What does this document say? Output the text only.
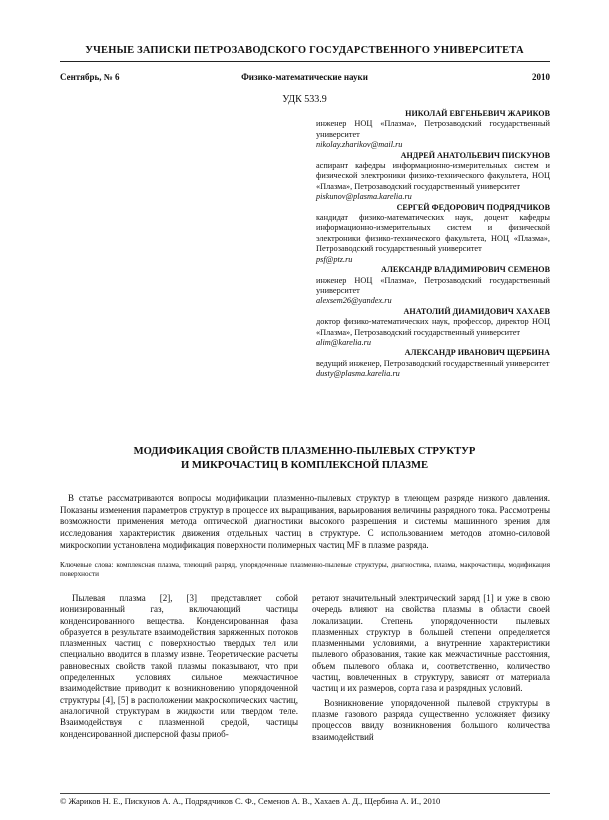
УЧЕНЫЕ ЗАПИСКИ ПЕТРОЗАВОДСКОГО ГОСУДАРСТВЕННОГО УНИВЕРСИТЕТА
Сентябрь, № 6	Физико-математические науки	2010
УДК 533.9
НИКОЛАЙ ЕВГЕНЬЕВИЧ ЖАРИКОВ
инженер НОЦ «Плазма», Петрозаводский государственный университет
nikolay.zharikov@mail.ru
АНДРЕЙ АНАТОЛЬЕВИЧ ПИСКУНОВ
аспирант кафедры информационно-измерительных систем и физической электроники физико-технического факультета, НОЦ «Плазма», Петрозаводский государственный университет
piskunov@plasma.karelia.ru
СЕРГЕЙ ФЕДОРОВИЧ ПОДРЯДЧИКОВ
кандидат физико-математических наук, доцент кафедры информационно-измерительных систем и физической электроники физико-технического факультета, НОЦ «Плазма», Петрозаводский государственный университет
psf@ptz.ru
АЛЕКСАНДР ВЛАДИМИРОВИЧ СЕМЕНОВ
инженер НОЦ «Плазма», Петрозаводский государственный университет
alexsem26@yandex.ru
АНАТОЛИЙ ДИАМИДОВИЧ ХАХАЕВ
доктор физико-математических наук, профессор, директор НОЦ «Плазма», Петрозаводский государственный университет
alim@karelia.ru
АЛЕКСАНДР ИВАНОВИЧ ЩЕРБИНА
ведущий инженер, Петрозаводский государственный университет
dusty@plasma.karelia.ru
МОДИФИКАЦИЯ СВОЙСТВ ПЛАЗМЕННО-ПЫЛЕВЫХ СТРУКТУР
И МИКРОЧАСТИЦ В КОМПЛЕКСНОЙ ПЛАЗМЕ
В статье рассматриваются вопросы модификации плазменно-пылевых структур в тлеющем разряде низкого давления. Показаны изменения параметров структур в процессе их выращивания, варьирования величины разрядного тока. Рассмотрены возможности применения метода оптической диагностики высокого разрешения и системы машинного зрения для исследования характеристик движения отдельных частиц в структуре. С использованием методов атомно-силовой микроскопии установлена модификация поверхности полимерных частиц MF в плазме разряда.
Ключевые слова: комплексная плазма, тлеющий разряд, упорядоченные плазменно-пылевые структуры, диагностика, плазма, макрочастицы, модификация поверхности

Пылевая плазма [2], [3] представляет собой ионизированный газ, включающий частицы конденсированного вещества. Конденсированная фаза образуется в результате взаимодействия заряженных потоков плазменных частиц с поверхностью твердых тел или специально вводится в плазму извне. Теоретические расчеты равновесных свойств такой плазмы показывают, что при определенных условиях сильное межчастичное взаимодействие приводит к возникновению упорядоченной структуры [4], [5] в расположении макроскопических частиц, аналогичной структурам в жидкости или твердом теле. Взаимодействуя с плазменной средой, частицы конденсированной дисперсной фазы приоб-

ретают значительный электрический заряд [1] и уже в свою очередь влияют на свойства плазмы в области своей локализации. Степень упорядоченности пылевых плазменных структур в большей степени определяется плазменными условиями, а внутренние характеристики пылевого образования, такие как межчастичные расстояния, объем пылевого облака и, соответственно, количество частиц, вовлеченных в структуру, зависят от материала частиц и их размеров, сорта газа и разрядных условий.

Возникновение упорядоченной пылевой структуры в плазме газового разряда существенно усложняет физику процессов ввиду возникновения большого количества взаимодействий

© Жариков Н. Е., Пискунов А. А., Подрядчиков С. Ф., Семенов А. В., Хахаев А. Д., Щербина А. И., 2010
